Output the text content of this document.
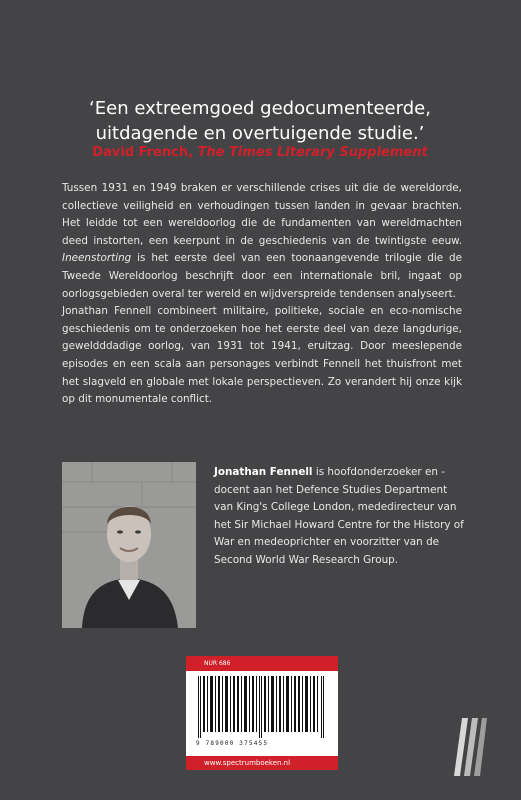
‘Een extreemgoed gedocumenteerde,
uitdagende en overtuigende studie.’
David French, The Times Literary Supplement

Tussen 1931 en 1949 braken er verschillende crises uit die de wereldorde, collectieve veiligheid en verhoudingen tussen landen in gevaar brachten. Het leidde tot een wereldoorlog die de fundamenten van wereldmachten deed instorten, een keerpunt in de geschiedenis van de twintigste eeuw. Ineenstorting is het eerste deel van een toonaangevende trilogie die de Tweede Wereldoorlog beschrijft door een internationale bril, ingaat op oorlogsgebieden overal ter wereld en wijdverspreide tendensen analyseert.

Jonathan Fennell combineert militaire, politieke, sociale en eco-nomische geschiedenis om te onderzoeken hoe het eerste deel van deze langdurige, geweldddadige oorlog, van 1931 tot 1941, eruitzag. Door meeslepende episodes en een scala aan personages verbindt Fennell het thuisfront met het slagveld en globale met lokale perspectieven. Zo verandert hij onze kijk op dit monumentale conflict.

Jonathan Fennell is hoofdonderzoeker en -docent aan het Defence Studies Department van King's College London, mededirecteur van het Sir Michael Howard Centre for the History of War en medeoprichter en voorzitter van de Second World War Research Group.

NUR 686
9 789000 375455
www.spectrumboeken.nl
